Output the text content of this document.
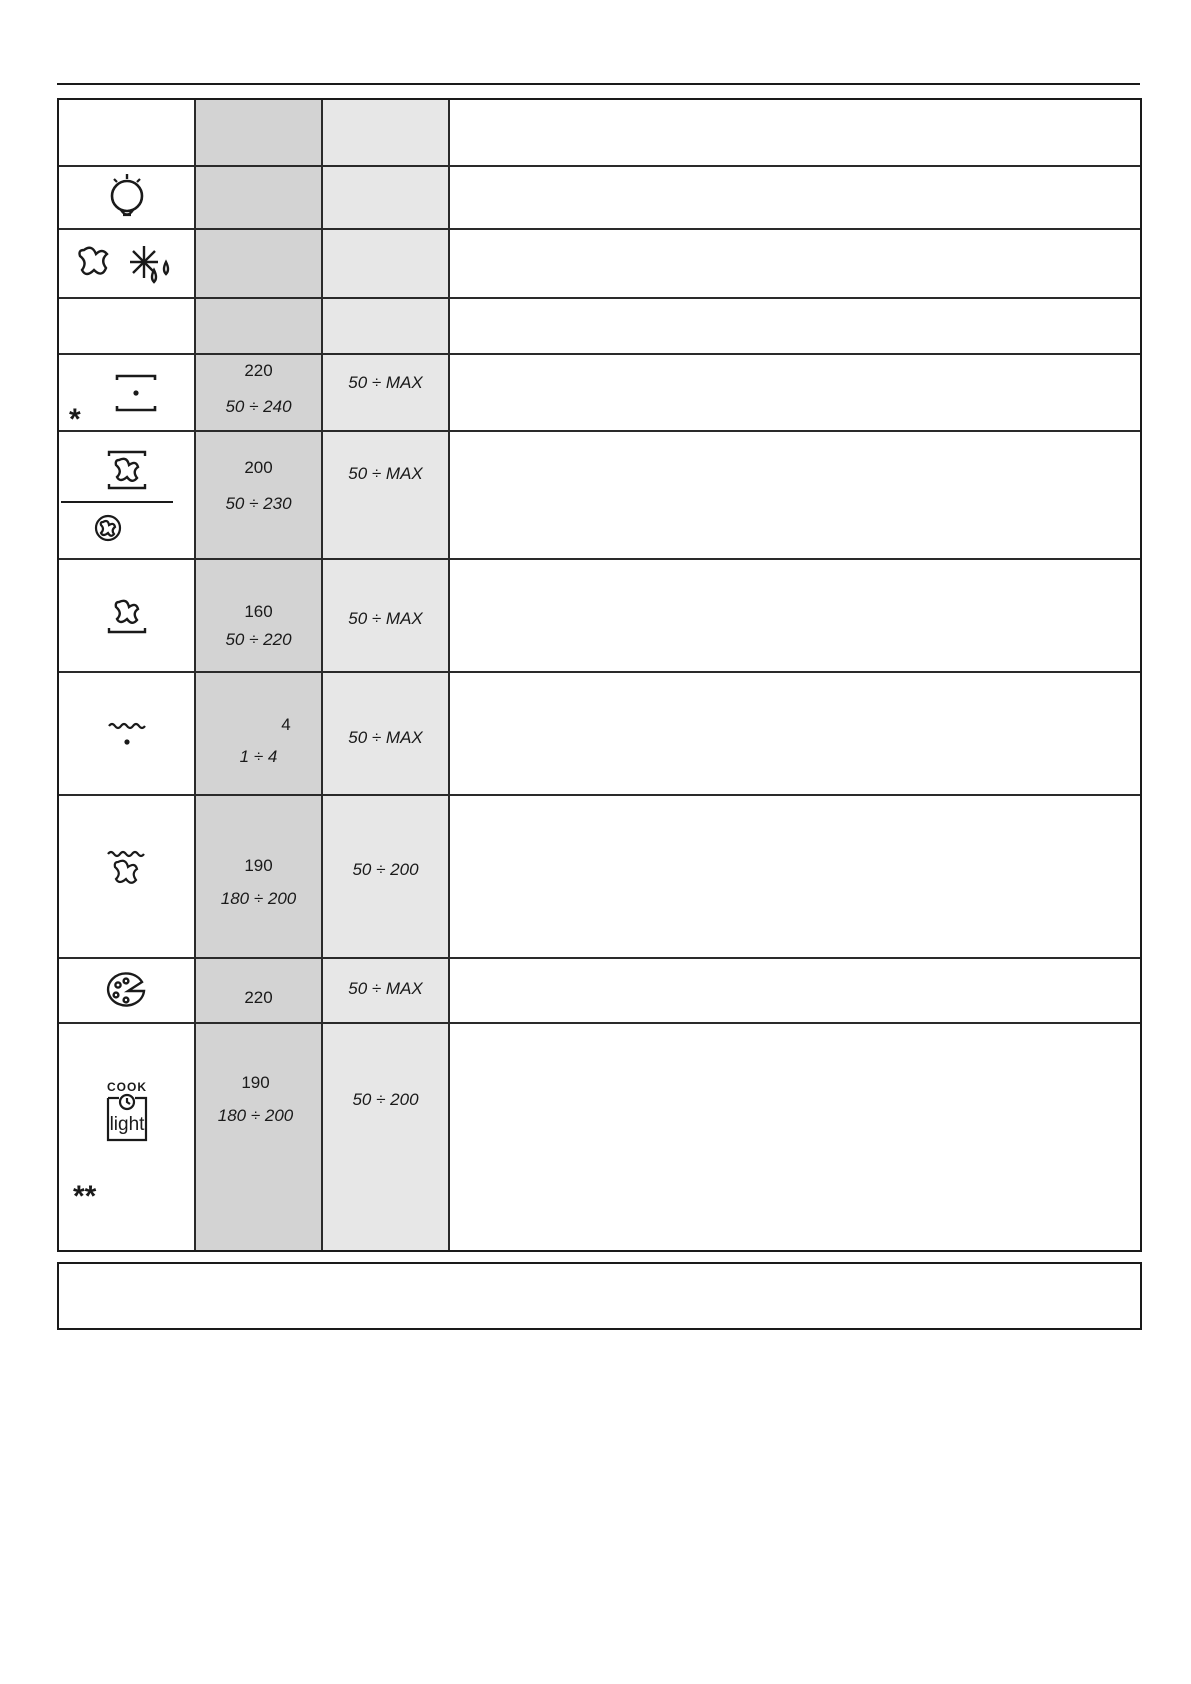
*
220
50 ÷ 240
50 ÷ MAX
200
50 ÷ 230
50 ÷ MAX
160
50 ÷ 220
50 ÷ MAX
4
1 ÷ 4
50 ÷ MAX
190
180 ÷ 200
50 ÷ 200
220	50 ÷ MAX
COOK
light
**
190
180 ÷ 200
50 ÷ 200
